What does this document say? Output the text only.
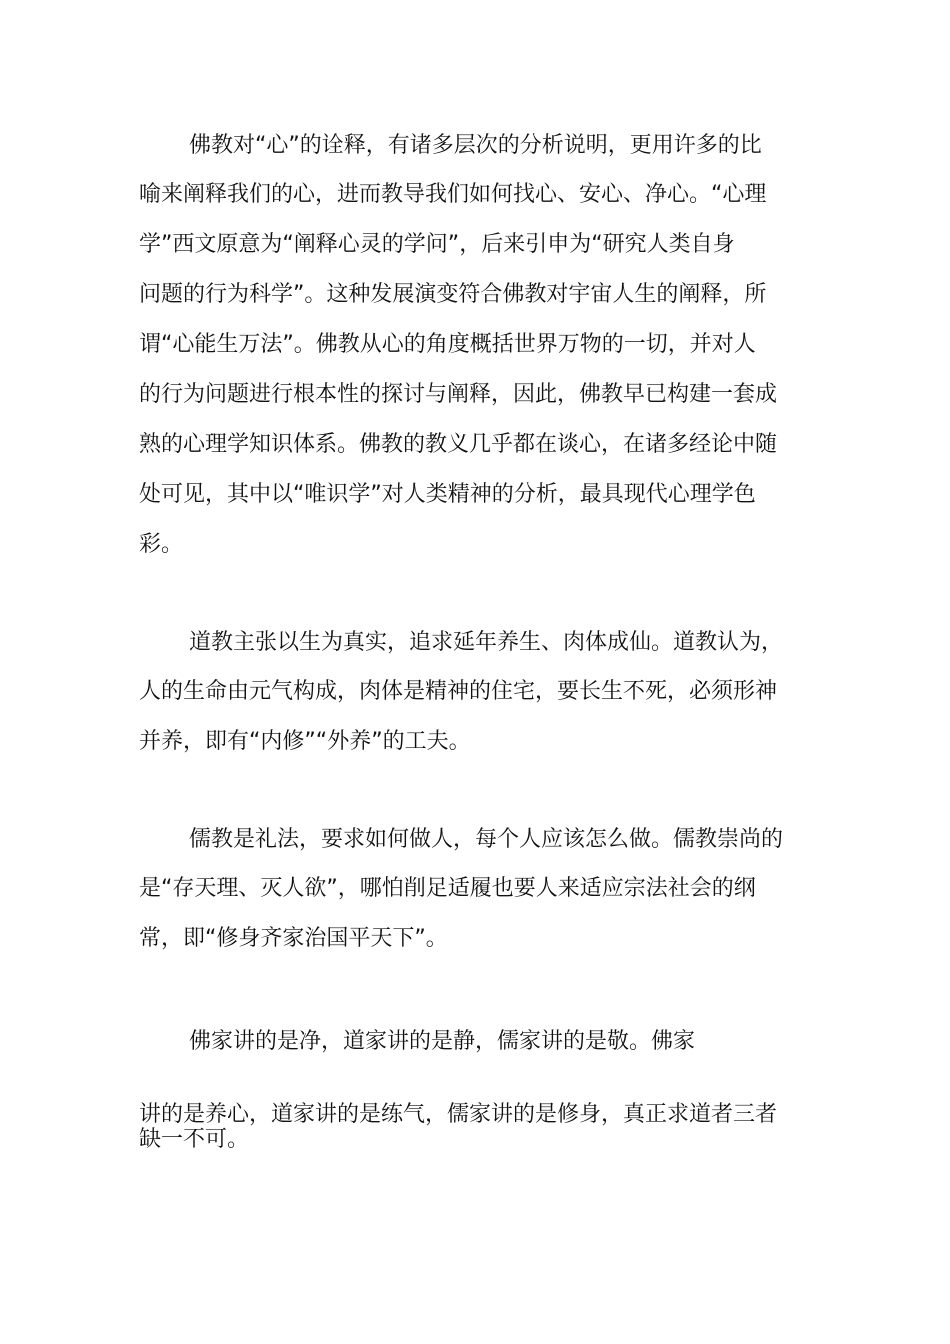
佛教对“心”的诠释，有诸多层次的分析说明，更用许多的比

喻来阐释我们的心，进而教导我们如何找心、安心、净心。“心理

学”西文原意为“阐释心灵的学问”，后来引申为“研究人类自身

问题的行为科学”。这种发展演变符合佛教对宇宙人生的阐释，所

谓“心能生万法”。佛教从心的角度概括世界万物的一切，并对人

的行为问题进行根本性的探讨与阐释，因此，佛教早已构建一套成

熟的心理学知识体系。佛教的教义几乎都在谈心，在诸多经论中随

处可见，其中以“唯识学”对人类精神的分析，最具现代心理学色

彩。

道教主张以生为真实，追求延年养生、肉体成仙。道教认为，

人的生命由元气构成，肉体是精神的住宅，要长生不死，必须形神

并养，即有“内修”“外养”的工夫。

儒教是礼法，要求如何做人，每个人应该怎么做。儒教崇尚的

是“存天理、灭人欲”，哪怕削足适履也要人来适应宗法社会的纲

常，即“修身齐家治国平天下”。

佛家讲的是净，道家讲的是静，儒家讲的是敬。佛家

讲的是养心，道家讲的是练气，儒家讲的是修身，真正求道者三者

缺一不可。
